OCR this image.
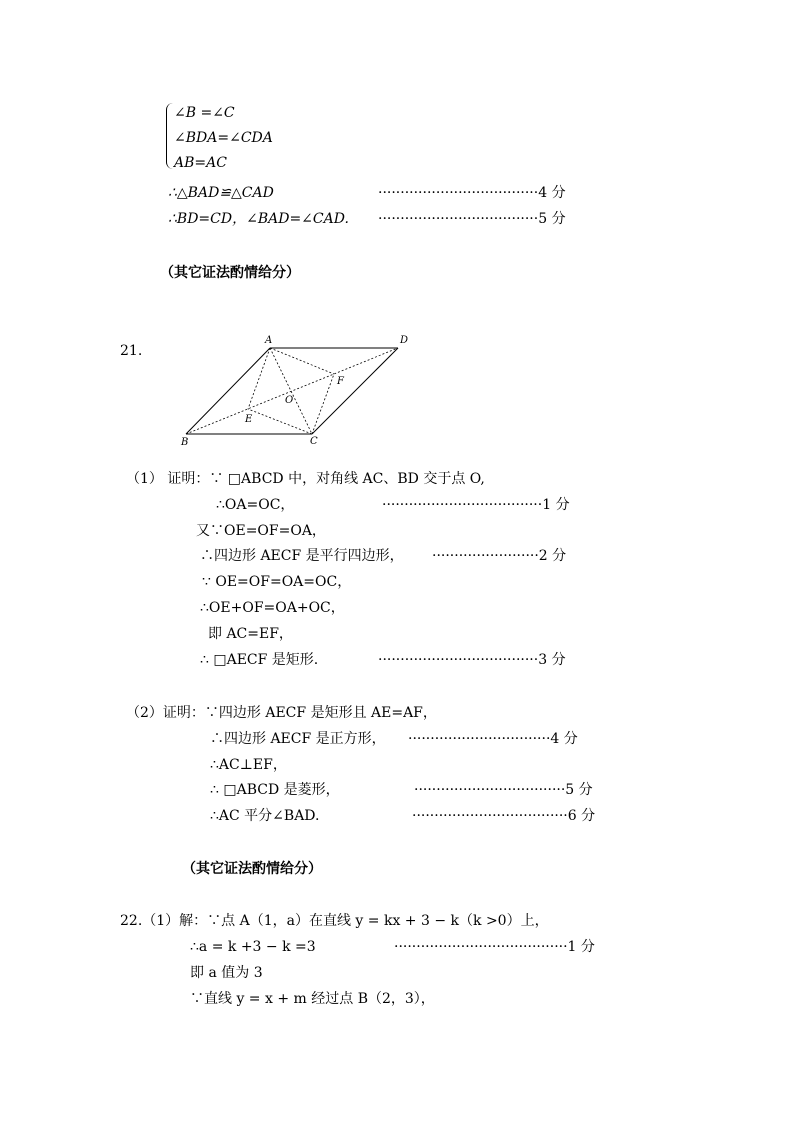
∠B =∠C
∠BDA=∠CDA
AB=AC
∴△BAD≌△CAD	····································4 分
∴BD=CD，∠BAD=∠CAD. ····································5 分
（其它证法酌情给分）
21.
A	D
B	C
E
F
O
（1） 证明：∵ □ABCD 中，对角线 AC、BD 交于点 O,
∴OA=OC，	····································1 分
又∵OE=OF=OA，
∴四边形 AECF 是平行四边形， ························2 分
∵ OE=OF=OA=OC，
∴OE+OF=OA+OC，
即 AC=EF，
∴ □AECF 是矩形.	····································3 分
（2）证明：∵四边形 AECF 是矩形且 AE=AF，
∴四边形 AECF 是正方形， ································4 分
∴AC⊥EF，
∴ □ABCD 是菱形，	··································5 分
∴AC 平分∠BAD.	···································6 分
（其它证法酌情给分）
22.（1）解：∵点 A（1，a）在直线 y = kx + 3 − k（k >0）上，
∴a = k +3 − k =3	·······································1 分
即 a 值为 3
∵直线 y = x + m 经过点 B（2，3），
